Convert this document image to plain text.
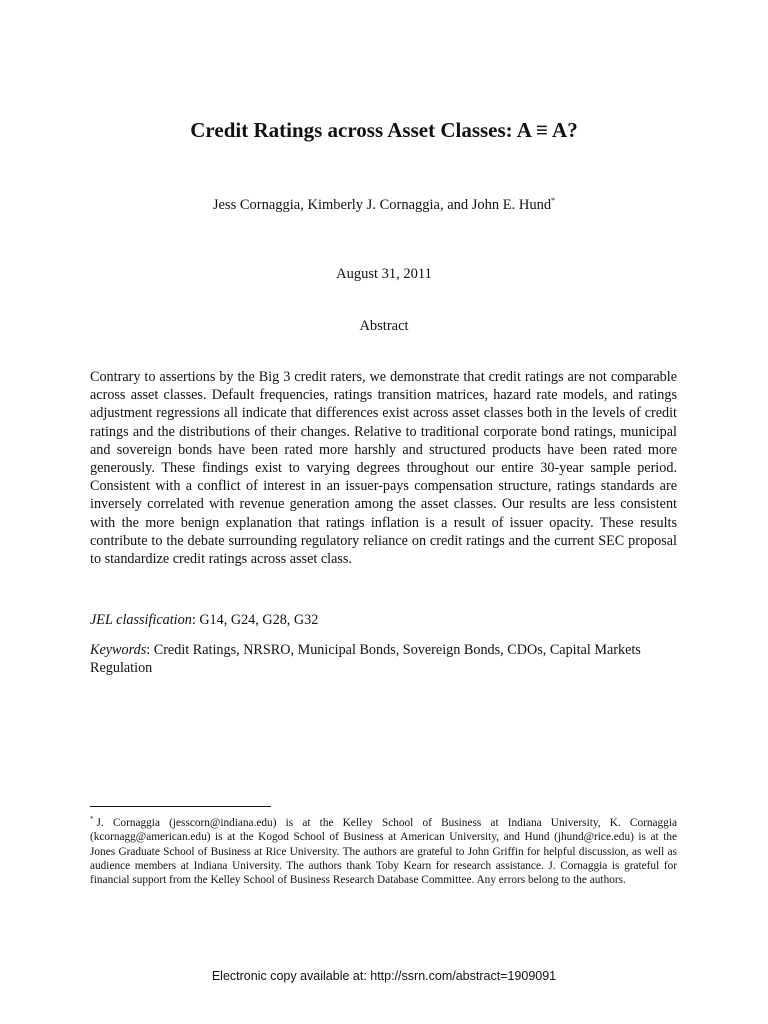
Credit Ratings across Asset Classes: A ≡ A?
Jess Cornaggia, Kimberly J. Cornaggia, and John E. Hund*
August 31, 2011
Abstract

Contrary to assertions by the Big 3 credit raters, we demonstrate that credit ratings are not comparable across asset classes. Default frequencies, ratings transition matrices, hazard rate models, and ratings adjustment regressions all indicate that differences exist across asset classes both in the levels of credit ratings and the distributions of their changes. Relative to traditional corporate bond ratings, municipal and sovereign bonds have been rated more harshly and structured products have been rated more generously. These findings exist to varying degrees throughout our entire 30-year sample period. Consistent with a conflict of interest in an issuer-pays compensation structure, ratings standards are inversely correlated with revenue generation among the asset classes. Our results are less consistent with the more benign explanation that ratings inflation is a result of issuer opacity. These results contribute to the debate surrounding regulatory reliance on credit ratings and the current SEC proposal to standardize credit ratings across asset class.

JEL classification: G14, G24, G28, G32

Keywords: Credit Ratings, NRSRO, Municipal Bonds, Sovereign Bonds, CDOs, Capital Markets Regulation

* J. Cornaggia (jesscorn@indiana.edu) is at the Kelley School of Business at Indiana University, K. Cornaggia (kcornagg@american.edu) is at the Kogod School of Business at American University, and Hund (jhund@rice.edu) is at the Jones Graduate School of Business at Rice University. The authors are grateful to John Griffin for helpful discussion, as well as audience members at Indiana University. The authors thank Toby Kearn for research assistance. J. Cornaggia is grateful for financial support from the Kelley School of Business Research Database Committee. Any errors belong to the authors.

Electronic copy available at: http://ssrn.com/abstract=1909091
